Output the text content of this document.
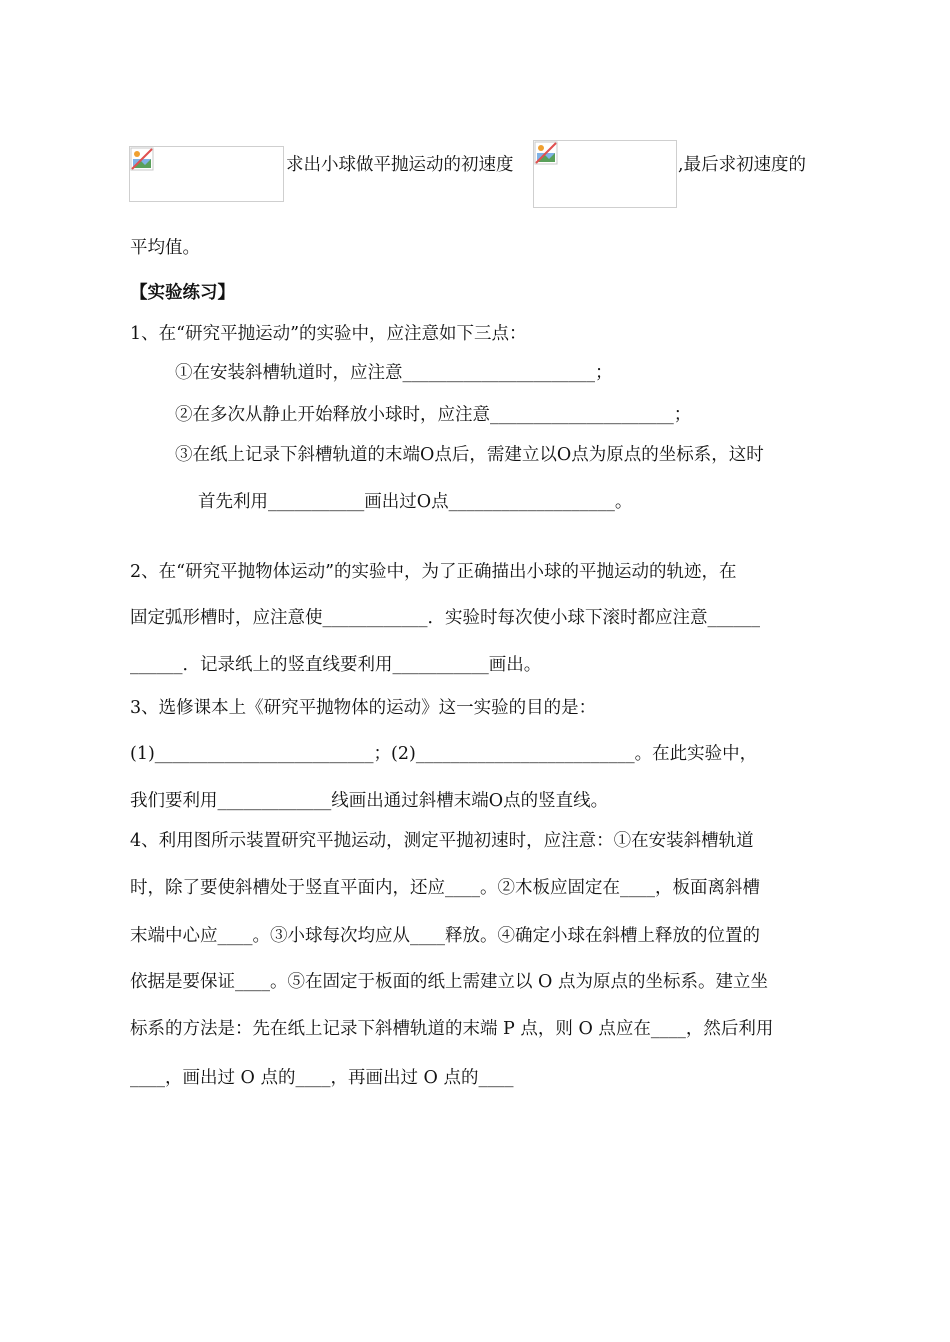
求出小球做平抛运动的初速度	,最后求初速度的
平均值。
【实验练习】
1、在“研究平抛运动”的实验中，应注意如下三点：
①在安装斜槽轨道时，应注意______________________；
②在多次从静止开始释放小球时，应注意_____________________；
③在纸上记录下斜槽轨道的末端O点后，需建立以O点为原点的坐标系，这时
首先利用___________画出过O点___________________。
2、在“研究平抛物体运动”的实验中，为了正确描出小球的平抛运动的轨迹，在
固定弧形槽时，应注意使____________．实验时每次使小球下滚时都应注意______
______．记录纸上的竖直线要利用___________画出。
3、选修课本上《研究平抛物体的运动》这一实验的目的是：
(1)_________________________；(2)_________________________。在此实验中，
我们要利用_____________线画出通过斜槽末端O点的竖直线。
4、利用图所示装置研究平抛运动，测定平抛初速时，应注意：①在安装斜槽轨道
时，除了要使斜槽处于竖直平面内，还应____。②木板应固定在____，板面离斜槽
末端中心应____。③小球每次均应从____释放。④确定小球在斜槽上释放的位置的
依据是要保证____。⑤在固定于板面的纸上需建立以 O 点为原点的坐标系。建立坐
标系的方法是：先在纸上记录下斜槽轨道的末端 P 点，则 O 点应在____，然后利用
____，画出过 O 点的____，再画出过 O 点的____
